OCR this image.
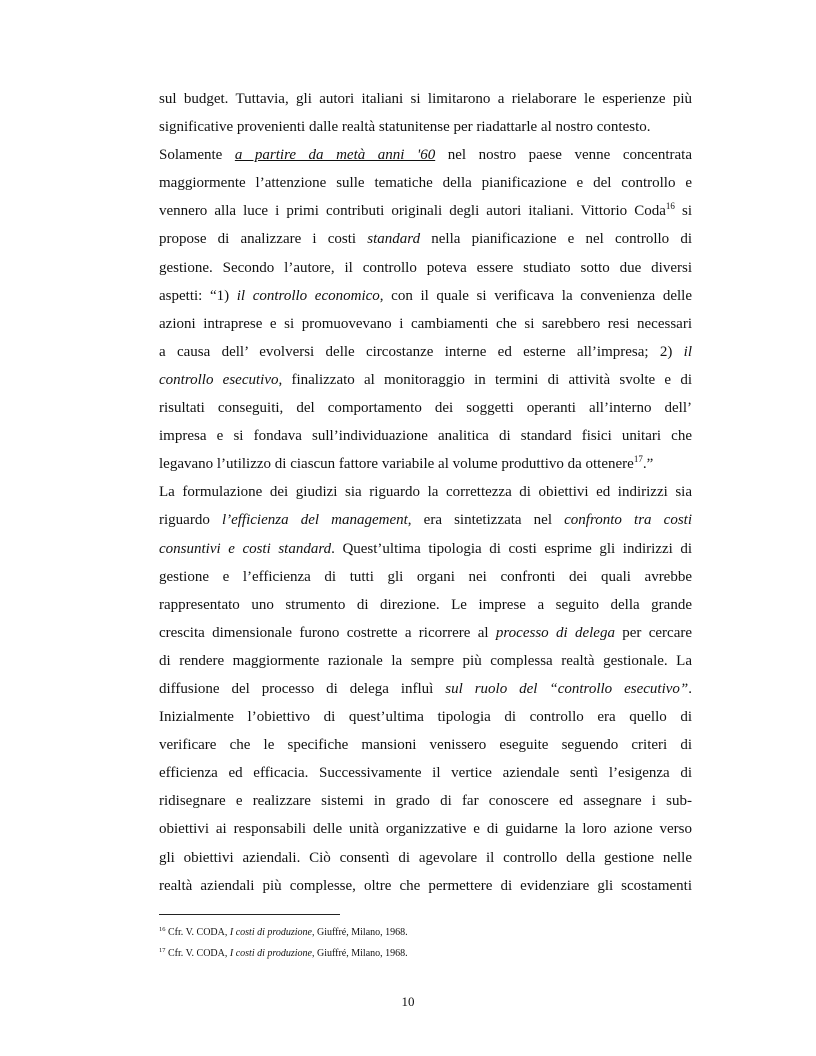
sul budget. Tuttavia, gli autori italiani si limitarono a rielaborare le esperienze più
significative provenienti dalle realtà statunitense per riadattarle al nostro contesto.
Solamente a partire da metà anni '60 nel nostro paese venne concentrata
maggiormente l’attenzione sulle tematiche della pianificazione e del controllo e
vennero alla luce i primi contributi originali degli autori italiani. Vittorio Coda$^{16}$ si
propose di analizzare i costi standard nella pianificazione e nel controllo di
gestione. Secondo l’autore, il controllo poteva essere studiato sotto due diversi
aspetti: “1) il controllo economico, con il quale si verificava la convenienza delle
azioni intraprese e si promuovevano i cambiamenti che si sarebbero resi necessari
a causa dell’ evolversi delle circostanze interne ed esterne all’impresa; 2) il
controllo esecutivo, finalizzato al monitoraggio in termini di attività svolte e di
risultati conseguiti, del comportamento dei soggetti operanti all’interno dell’
impresa e si fondava sull’individuazione analitica di standard fisici unitari che
legavano l’utilizzo di ciascun fattore variabile al volume produttivo da ottenere$^{17}$.”
La formulazione dei giudizi sia riguardo la correttezza di obiettivi ed indirizzi sia
riguardo l’efficienza del management, era sintetizzata nel confronto tra costi
consuntivi e costi standard. Quest’ultima tipologia di costi esprime gli indirizzi di
gestione e l’efficienza di tutti gli organi nei confronti dei quali avrebbe
rappresentato uno strumento di direzione. Le imprese a seguito della grande
crescita dimensionale furono costrette a ricorrere al processo di delega per cercare
di rendere maggiormente razionale la sempre più complessa realtà gestionale. La
diffusione del processo di delega influì sul ruolo del “controllo esecutivo”.
Inizialmente l’obiettivo di quest’ultima tipologia di controllo era quello di
verificare che le specifiche mansioni venissero eseguite seguendo criteri di
efficienza ed efficacia. Successivamente il vertice aziendale sentì l’esigenza di
ridisegnare e realizzare sistemi in grado di far conoscere ed assegnare i sub-
obiettivi ai responsabili delle unità organizzative e di guidarne la loro azione verso
gli obiettivi aziendali. Ciò consentì di agevolare il controllo della gestione nelle
realtà aziendali più complesse, oltre che permettere di evidenziare gli scostamenti
$^{16}$ Cfr. V. CODA, I costi di produzione, Giuffré, Milano, 1968.
$^{17}$ Cfr. V. CODA, I costi di produzione, Giuffré, Milano, 1968.
10
